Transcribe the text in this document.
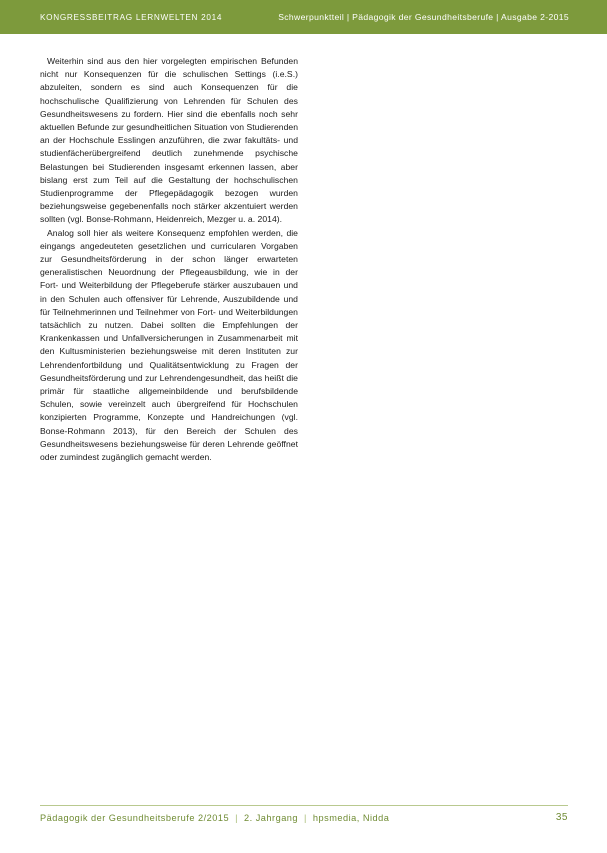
KONGRESSBEITRAG LERNWELTEN 2014	Schwerpunktteil | Pädagogik der Gesundheitsberufe | Ausgabe 2-2015

Weiterhin sind aus den hier vorgelegten empirischen Befunden nicht nur Konsequenzen für die schulischen Settings (i.e.S.) abzuleiten, sondern es sind auch Konsequenzen für die hochschulische Qualifizierung von Lehrenden für Schulen des Gesundheitswesens zu fordern. Hier sind die ebenfalls noch sehr aktuellen Befunde zur gesundheitlichen Situation von Studierenden an der Hochschule Esslingen anzuführen, die zwar fakultäts- und studienfächerübergreifend deutlich zunehmende psychische Belastungen bei Studierenden insgesamt erkennen lassen, aber bislang erst zum Teil auf die Gestaltung der hochschulischen Studienprogramme der Pflegepädagogik bezogen wurden beziehungsweise gegebenenfalls noch stärker akzentuiert werden sollten (vgl. Bonse-Rohmann, Heidenreich, Mezger u. a. 2014).

Analog soll hier als weitere Konsequenz empfohlen werden, die eingangs angedeuteten gesetzlichen und curricularen Vorgaben zur Gesundheitsförderung in der schon länger erwarteten generalistischen Neuordnung der Pflegeausbildung, wie in der Fort- und Weiterbildung der Pflegeberufe stärker auszubauen und in den Schulen auch offensiver für Lehrende, Auszubildende und für Teilnehmerinnen und Teilnehmer von Fort- und Weiterbildungen tatsächlich zu nutzen. Dabei sollten die Empfehlungen der Krankenkassen und Unfallversicherungen in Zusammenarbeit mit den Kultusministerien beziehungsweise mit deren Instituten zur Lehrendenfortbildung und Qualitätsentwicklung zu Fragen der Gesundheitsförderung und zur Lehrendengesundheit, das heißt die primär für staatliche allgemeinbildende und berufsbildende Schulen, sowie vereinzelt auch übergreifend für Hochschulen konzipierten Programme, Konzepte und Handreichungen (vgl. Bonse-Rohmann 2013), für den Bereich der Schulen des Gesundheitswesens beziehungsweise für deren Lehrende geöffnet oder zumindest zugänglich gemacht werden.

Pädagogik der Gesundheitsberufe 2/2015 | 2. Jahrgang | hpsmedia, Nidda	35
